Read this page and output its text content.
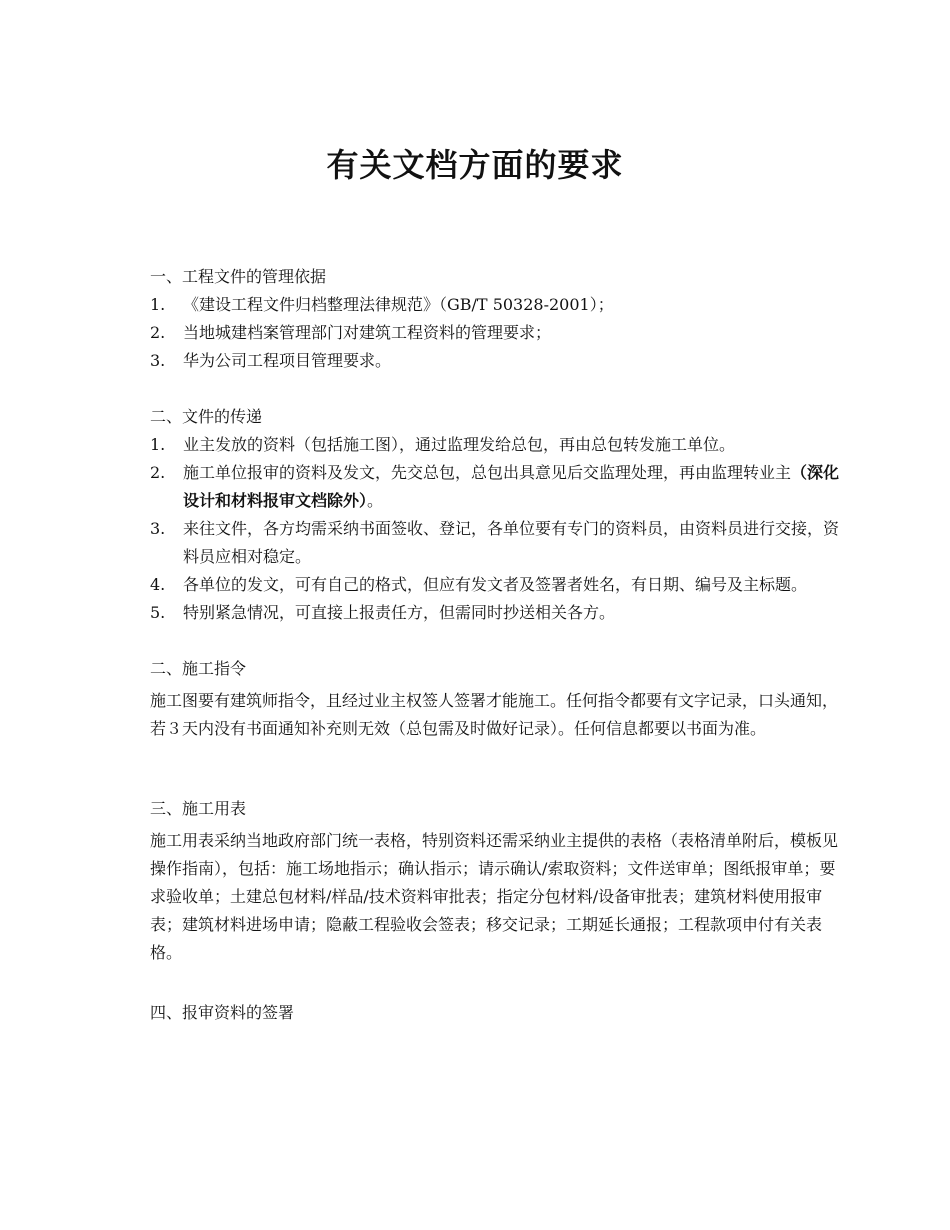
有关文档方面的要求

一、工程文件的管理依据

1. 《建设工程文件归档整理法律规范》（GB/T 50328-2001）；
2. 当地城建档案管理部门对建筑工程资料的管理要求；
3. 华为公司工程项目管理要求。

二、文件的传递

1. 业主发放的资料（包括施工图），通过监理发给总包，再由总包转发施工单位。
2. 施工单位报审的资料及发文，先交总包，总包出具意见后交监理处理，再由监理转业主（深化设计和材料报审文档除外）。
3. 来往文件，各方均需采纳书面签收、登记，各单位要有专门的资料员，由资料员进行交接，资料员应相对稳定。
4. 各单位的发文，可有自己的格式，但应有发文者及签署者姓名，有日期、编号及主标题。
5. 特别紧急情况，可直接上报责任方，但需同时抄送相关各方。

二、施工指令

施工图要有建筑师指令，且经过业主权签人签署才能施工。任何指令都要有文字记录，口头通知，若３天内没有书面通知补充则无效（总包需及时做好记录）。任何信息都要以书面为准。

三、施工用表

施工用表采纳当地政府部门统一表格，特别资料还需采纳业主提供的表格（表格清单附后，模板见操作指南），包括：施工场地指示；确认指示；请示确认/索取资料；文件送审单；图纸报审单；要求验收单；土建总包材料/样品/技术资料审批表；指定分包材料/设备审批表；建筑材料使用报审表；建筑材料进场申请；隐蔽工程验收会签表；移交记录；工期延长通报；工程款项申付有关表格。

四、报审资料的签署
